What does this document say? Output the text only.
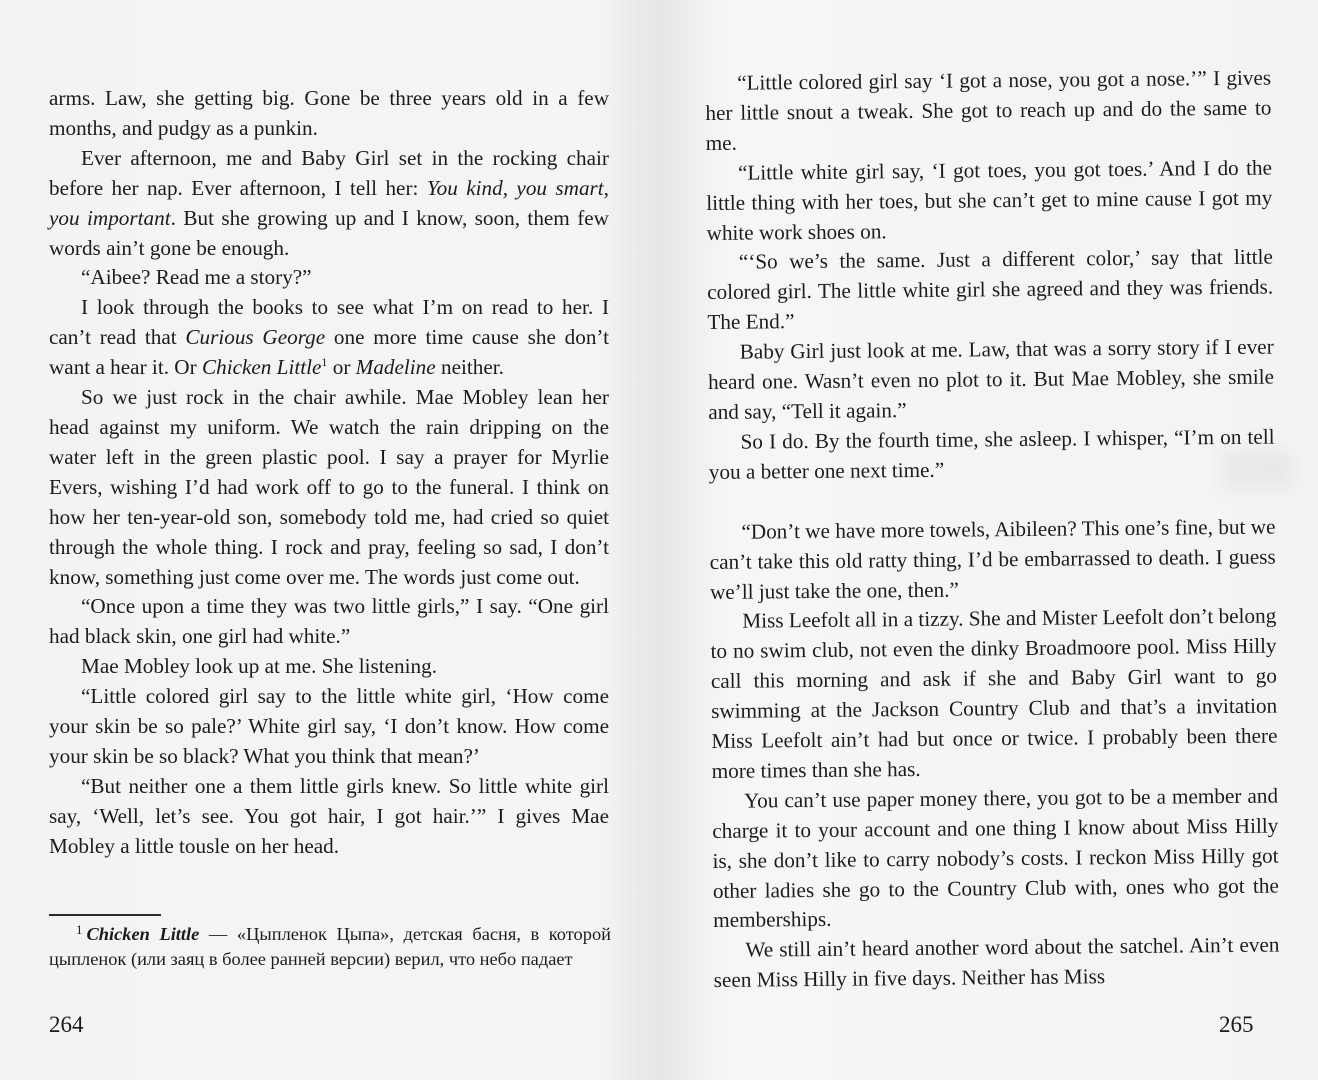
arms. Law, she getting big. Gone be three years old in a few months, and pudgy as a punkin.

Ever afternoon, me and Baby Girl set in the rocking chair before her nap. Ever afternoon, I tell her: You kind, you smart, you important. But she growing up and I know, soon, them few words ain’t gone be enough.

“Aibee? Read me a story?”

I look through the books to see what I’m on read to her. I can’t read that Curious George one more time cause she don’t want a hear it. Or Chicken Little$^1$ or Madeline neither.

So we just rock in the chair awhile. Mae Mobley lean her head against my uniform. We watch the rain dripping on the water left in the green plastic pool. I say a prayer for Myrlie Evers, wishing I’d had work off to go to the funeral. I think on how her ten-year-old son, somebody told me, had cried so quiet through the whole thing. I rock and pray, feeling so sad, I don’t know, something just come over me. The words just come out.

“Once upon a time they was two little girls,” I say. “One girl had black skin, one girl had white.”

Mae Mobley look up at me. She listening.

“Little colored girl say to the little white girl, ‘How come your skin be so pale?’ White girl say, ‘I don’t know. How come your skin be so black? What you think that mean?’

“But neither one a them little girls knew. So little white girl say, ‘Well, let’s see. You got hair, I got hair.’” I gives Mae Mobley a little tousle on her head.

$^1$ Chicken Little — «Цыпленок Цыпа», детская басня, в которой цыпленок (или заяц в более ранней версии) верил, что небо падает
264

“Little colored girl say ‘I got a nose, you got a nose.’” I gives her little snout a tweak. She got to reach up and do the same to me.

“Little white girl say, ‘I got toes, you got toes.’ And I do the little thing with her toes, but she can’t get to mine cause I got my white work shoes on.

“‘So we’s the same. Just a different color,’ say that little colored girl. The little white girl she agreed and they was friends. The End.”

Baby Girl just look at me. Law, that was a sorry story if I ever heard one. Wasn’t even no plot to it. But Mae Mobley, she smile and say, “Tell it again.”

So I do. By the fourth time, she asleep. I whisper, “I’m on tell you a better one next time.”

“Don’t we have more towels, Aibileen? This one’s fine, but we can’t take this old ratty thing, I’d be embarrassed to death. I guess we’ll just take the one, then.”

Miss Leefolt all in a tizzy. She and Mister Leefolt don’t belong to no swim club, not even the dinky Broadmoore pool. Miss Hilly call this morning and ask if she and Baby Girl want to go swimming at the Jackson Country Club and that’s a invitation Miss Leefolt ain’t had but once or twice. I probably been there more times than she has.

You can’t use paper money there, you got to be a member and charge it to your account and one thing I know about Miss Hilly is, she don’t like to carry nobody’s costs. I reckon Miss Hilly got other ladies she go to the Country Club with, ones who got the memberships.

We still ain’t heard another word about the satchel. Ain’t even seen Miss Hilly in five days. Neither has Miss

265
